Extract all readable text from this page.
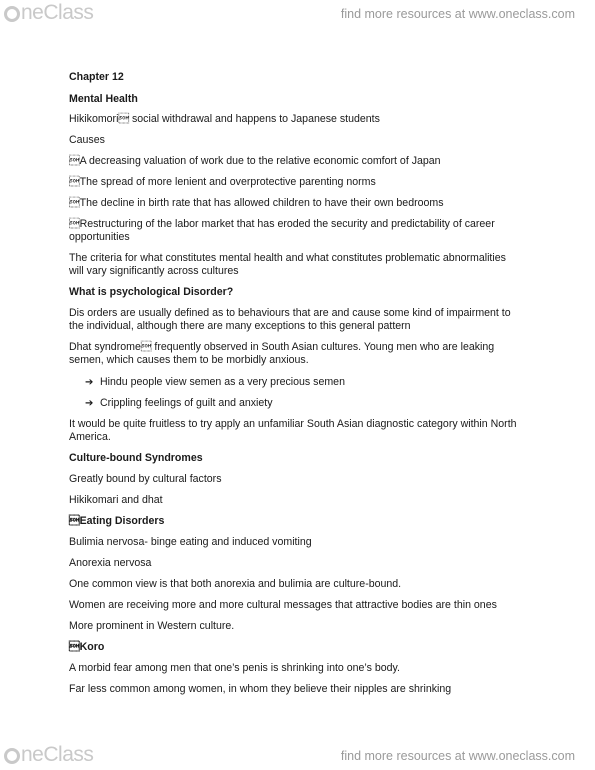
neClass	find more resources at www.oneclass.com
Chapter 12
Mental Health
Hikikomori social withdrawal and happens to Japanese students
Causes
A decreasing valuation of work due to the relative economic comfort of Japan
The spread of more lenient and overprotective parenting norms
The decline in birth rate that has allowed children to have their own bedrooms
Restructuring of the labor market that has eroded the security and predictability of career
opportunities
The criteria for what constitutes mental health and what constitutes problematic abnormalities
will vary significantly across cultures
What is psychological Disorder?
Dis orders are usually defined as to behaviours that are and cause some kind of impairment to
the individual, although there are many exceptions to this general pattern
Dhat syndrome frequently observed in South Asian cultures. Young men who are leaking
semen, which causes them to be morbidly anxious.
➔ Hindu people view semen as a very precious semen
➔ Crippling feelings of guilt and anxiety
It would be quite fruitless to try apply an unfamiliar South Asian diagnostic category within North
America.
Culture-bound Syndromes
Greatly bound by cultural factors
Hikikomari and dhat
Eating Disorders
Bulimia nervosa- binge eating and induced vomiting
Anorexia nervosa
One common view is that both anorexia and bulimia are culture-bound.
Women are receiving more and more cultural messages that attractive bodies are thin ones
More prominent in Western culture.
Koro
A morbid fear among men that one’s penis is shrinking into one’s body.
Far less common among women, in whom they believe their nipples are shrinking
neClass	find more resources at www.oneclass.com
